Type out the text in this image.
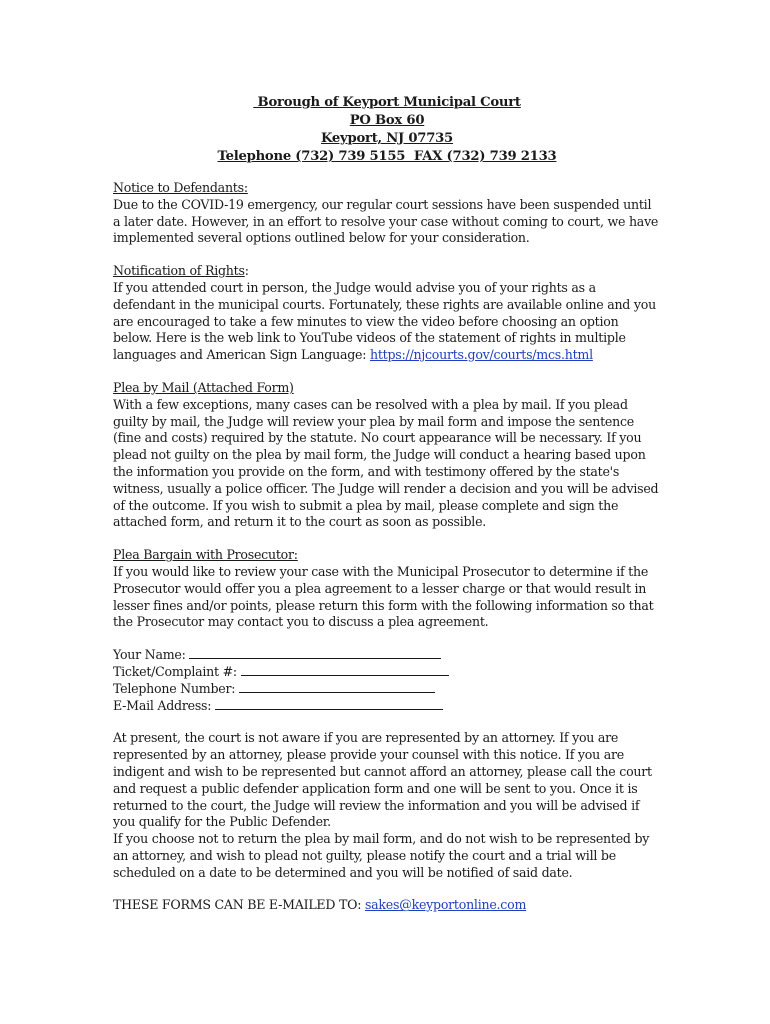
Borough of Keyport Municipal Court
PO Box 60
Keyport, NJ 07735
Telephone (732) 739 5155  FAX (732) 739 2133
Notice to Defendants:

Due to the COVID-19 emergency, our regular court sessions have been suspended until a later date. However, in an effort to resolve your case without coming to court, we have implemented several options outlined below for your consideration.

Notification of Rights:

If you attended court in person, the Judge would advise you of your rights as a defendant in the municipal courts. Fortunately, these rights are available online and you are encouraged to take a few minutes to view the video before choosing an option below. Here is the web link to YouTube videos of the statement of rights in multiple languages and American Sign Language: https://njcourts.gov/courts/mcs.html

Plea by Mail (Attached Form)

With a few exceptions, many cases can be resolved with a plea by mail. If you plead guilty by mail, the Judge will review your plea by mail form and impose the sentence (fine and costs) required by the statute. No court appearance will be necessary. If you plead not guilty on the plea by mail form, the Judge will conduct a hearing based upon the information you provide on the form, and with testimony offered by the state's witness, usually a police officer. The Judge will render a decision and you will be advised of the outcome. If you wish to submit a plea by mail, please complete and sign the attached form, and return it to the court as soon as possible.

Plea Bargain with Prosecutor:

If you would like to review your case with the Municipal Prosecutor to determine if the Prosecutor would offer you a plea agreement to a lesser charge or that would result in lesser fines and/or points, please return this form with the following information so that the Prosecutor may contact you to discuss a plea agreement.

Your Name:
Ticket/Complaint #:
Telephone Number:
E-Mail Address:

At present, the court is not aware if you are represented by an attorney. If you are represented by an attorney, please provide your counsel with this notice. If you are indigent and wish to be represented but cannot afford an attorney, please call the court and request a public defender application form and one will be sent to you. Once it is returned to the court, the Judge will review the information and you will be advised if you qualify for the Public Defender.

If you choose not to return the plea by mail form, and do not wish to be represented by an attorney, and wish to plead not guilty, please notify the court and a trial will be scheduled on a date to be determined and you will be notified of said date.

THESE FORMS CAN BE E-MAILED TO: sakes@keyportonline.com
